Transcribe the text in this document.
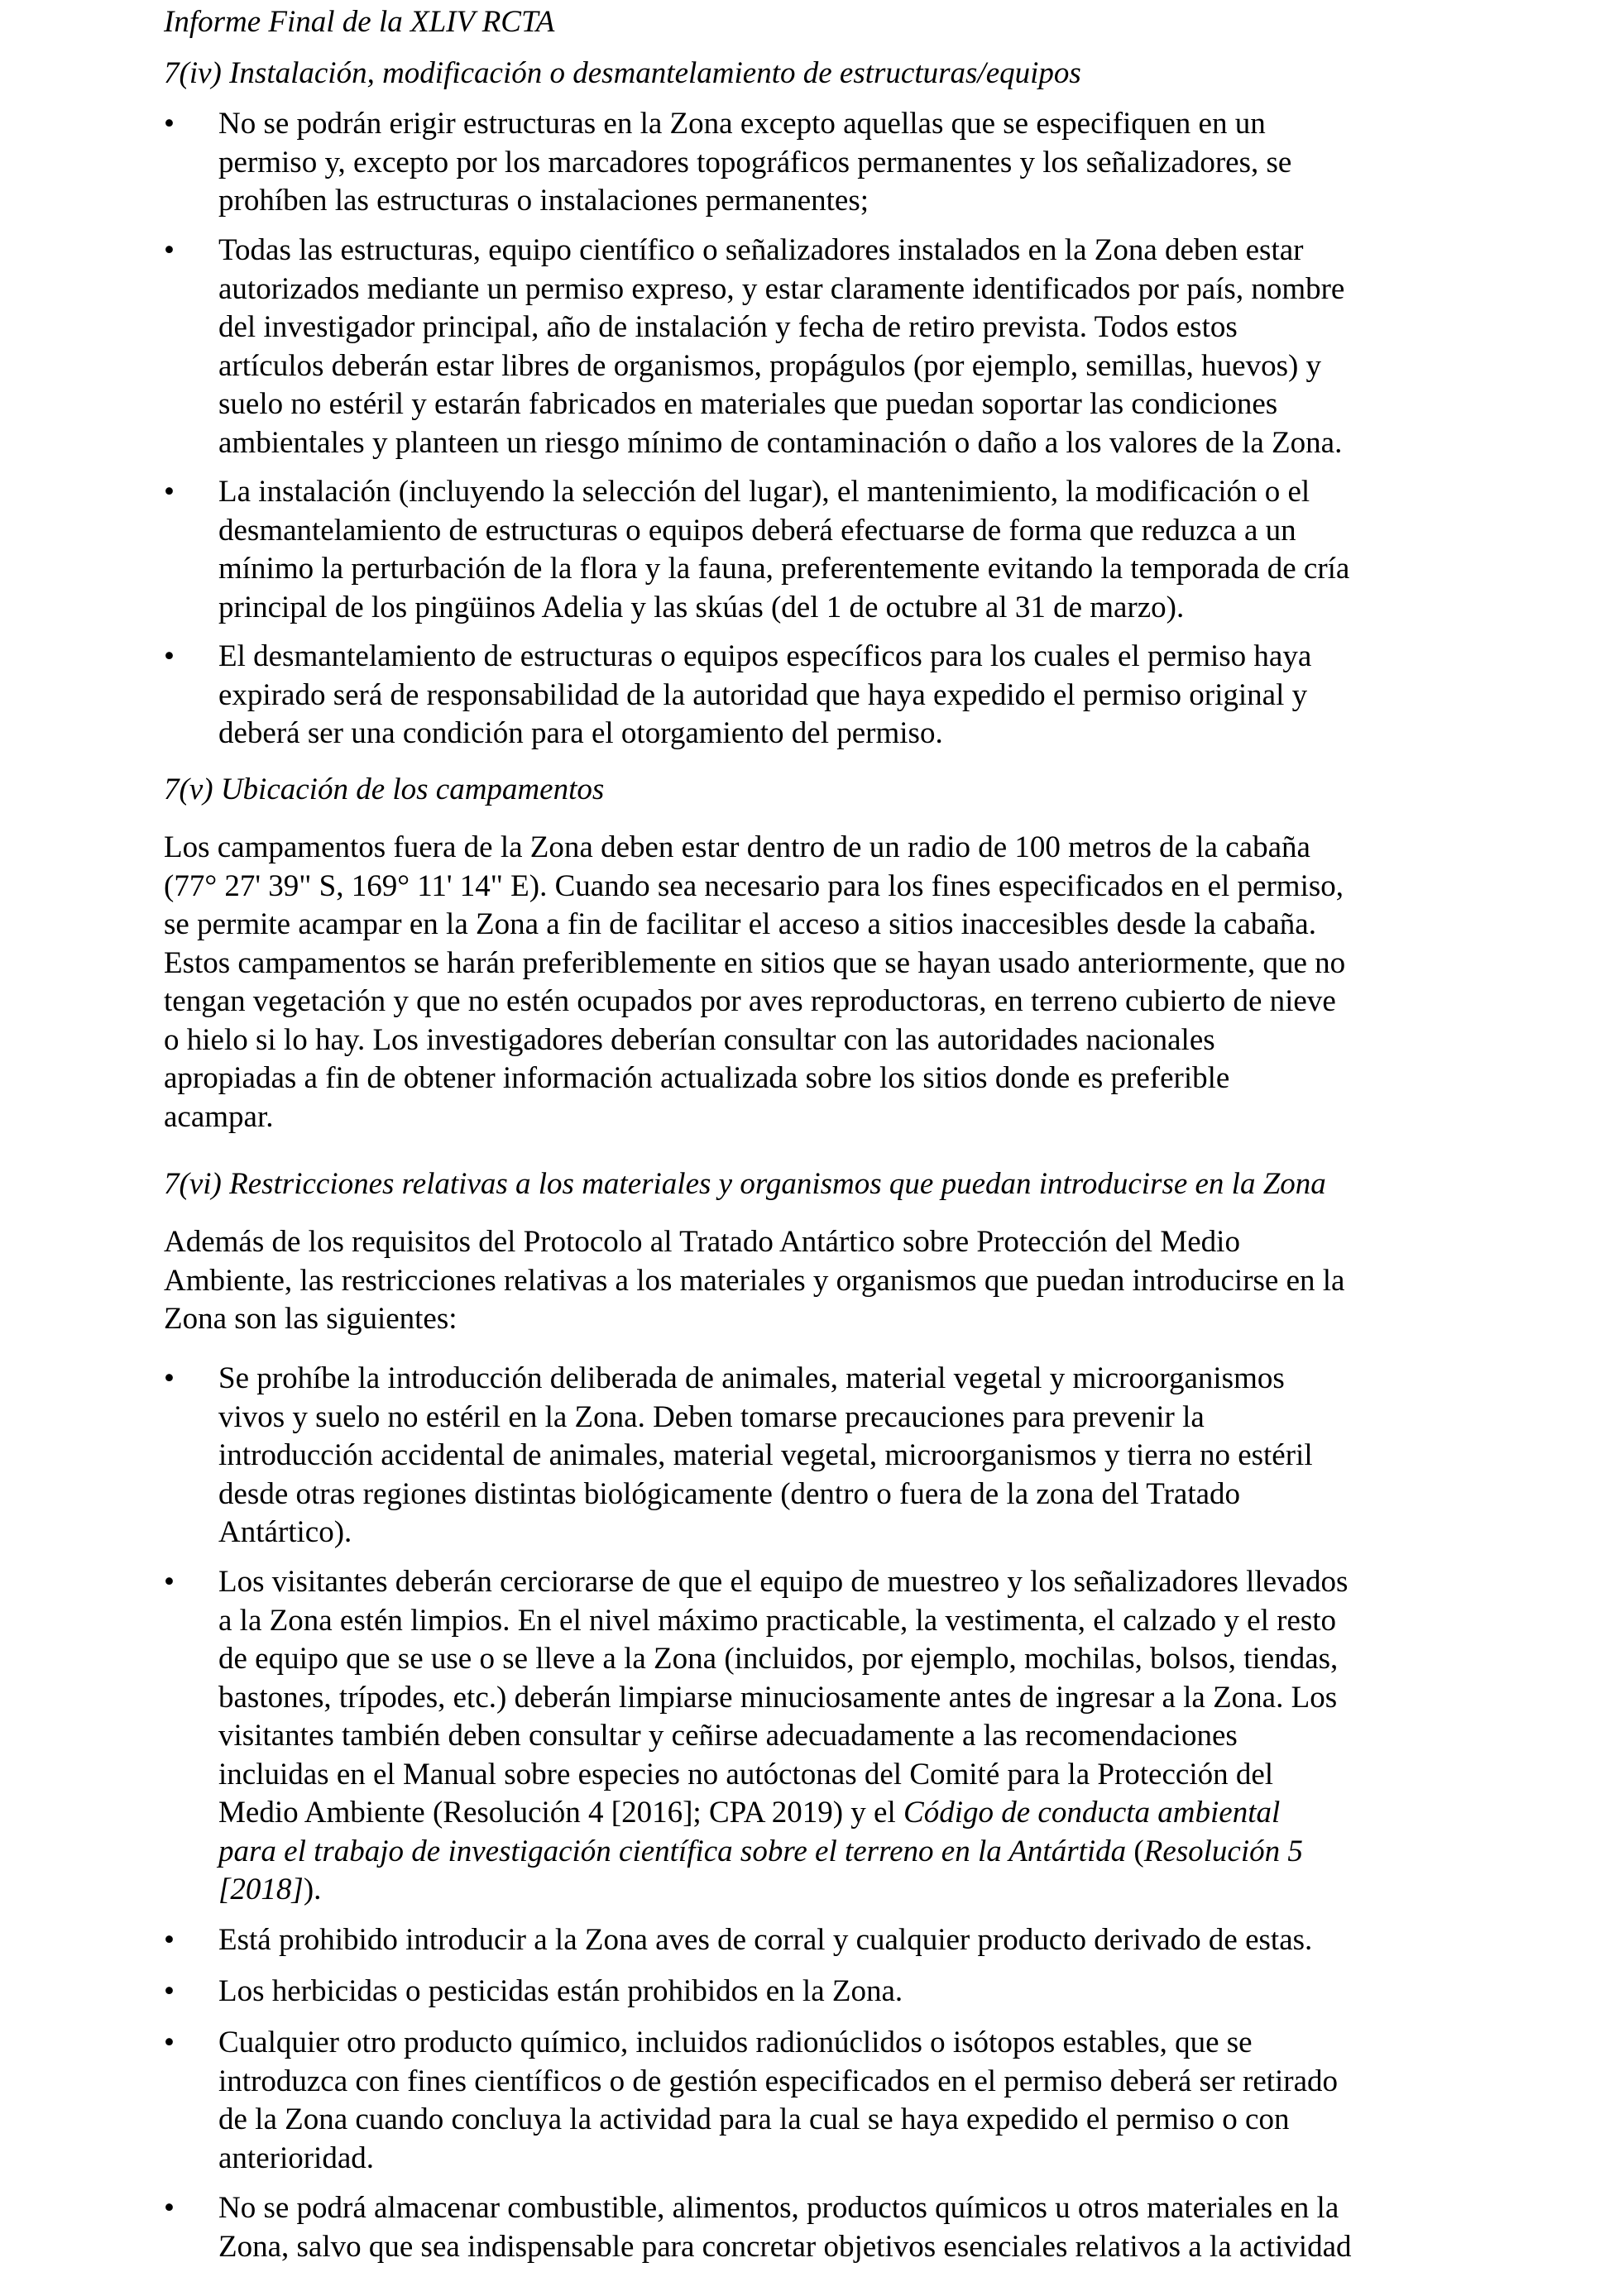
Informe Final de la XLIV RCTA
7(iv) Instalación, modificación o desmantelamiento de estructuras/equipos
• No se podrán erigir estructuras en la Zona excepto aquellas que se especifiquen en un
permiso y, excepto por los marcadores topográficos permanentes y los señalizadores, se
prohíben las estructuras o instalaciones permanentes;
• Todas las estructuras, equipo científico o señalizadores instalados en la Zona deben estar
autorizados mediante un permiso expreso, y estar claramente identificados por país, nombre
del investigador principal, año de instalación y fecha de retiro prevista. Todos estos
artículos deberán estar libres de organismos, propágulos (por ejemplo, semillas, huevos) y
suelo no estéril y estarán fabricados en materiales que puedan soportar las condiciones
ambientales y planteen un riesgo mínimo de contaminación o daño a los valores de la Zona.
• La instalación (incluyendo la selección del lugar), el mantenimiento, la modificación o el
desmantelamiento de estructuras o equipos deberá efectuarse de forma que reduzca a un
mínimo la perturbación de la flora y la fauna, preferentemente evitando la temporada de cría
principal de los pingüinos Adelia y las skúas (del 1 de octubre al 31 de marzo).
• El desmantelamiento de estructuras o equipos específicos para los cuales el permiso haya
expirado será de responsabilidad de la autoridad que haya expedido el permiso original y
deberá ser una condición para el otorgamiento del permiso.
7(v) Ubicación de los campamentos
Los campamentos fuera de la Zona deben estar dentro de un radio de 100 metros de la cabaña
(77° 27' 39" S, 169° 11' 14" E). Cuando sea necesario para los fines especificados en el permiso,
se permite acampar en la Zona a fin de facilitar el acceso a sitios inaccesibles desde la cabaña.
Estos campamentos se harán preferiblemente en sitios que se hayan usado anteriormente, que no
tengan vegetación y que no estén ocupados por aves reproductoras, en terreno cubierto de nieve
o hielo si lo hay. Los investigadores deberían consultar con las autoridades nacionales
apropiadas a fin de obtener información actualizada sobre los sitios donde es preferible
acampar.
7(vi) Restricciones relativas a los materiales y organismos que puedan introducirse en la Zona
Además de los requisitos del Protocolo al Tratado Antártico sobre Protección del Medio
Ambiente, las restricciones relativas a los materiales y organismos que puedan introducirse en la
Zona son las siguientes:
• Se prohíbe la introducción deliberada de animales, material vegetal y microorganismos
vivos y suelo no estéril en la Zona. Deben tomarse precauciones para prevenir la
introducción accidental de animales, material vegetal, microorganismos y tierra no estéril
desde otras regiones distintas biológicamente (dentro o fuera de la zona del Tratado
Antártico).
• Los visitantes deberán cerciorarse de que el equipo de muestreo y los señalizadores llevados
a la Zona estén limpios. En el nivel máximo practicable, la vestimenta, el calzado y el resto
de equipo que se use o se lleve a la Zona (incluidos, por ejemplo, mochilas, bolsos, tiendas,
bastones, trípodes, etc.) deberán limpiarse minuciosamente antes de ingresar a la Zona. Los
visitantes también deben consultar y ceñirse adecuadamente a las recomendaciones
incluidas en el Manual sobre especies no autóctonas del Comité para la Protección del
Medio Ambiente (Resolución 4 [2016]; CPA 2019) y el Código de conducta ambiental
para el trabajo de investigación científica sobre el terreno en la Antártida (Resolución 5
[2018]).
• Está prohibido introducir a la Zona aves de corral y cualquier producto derivado de estas.
• Los herbicidas o pesticidas están prohibidos en la Zona.
• Cualquier otro producto químico, incluidos radionúclidos o isótopos estables, que se
introduzca con fines científicos o de gestión especificados en el permiso deberá ser retirado
de la Zona cuando concluya la actividad para la cual se haya expedido el permiso o con
anterioridad.
• No se podrá almacenar combustible, alimentos, productos químicos u otros materiales en la
Zona, salvo que sea indispensable para concretar objetivos esenciales relativos a la actividad
